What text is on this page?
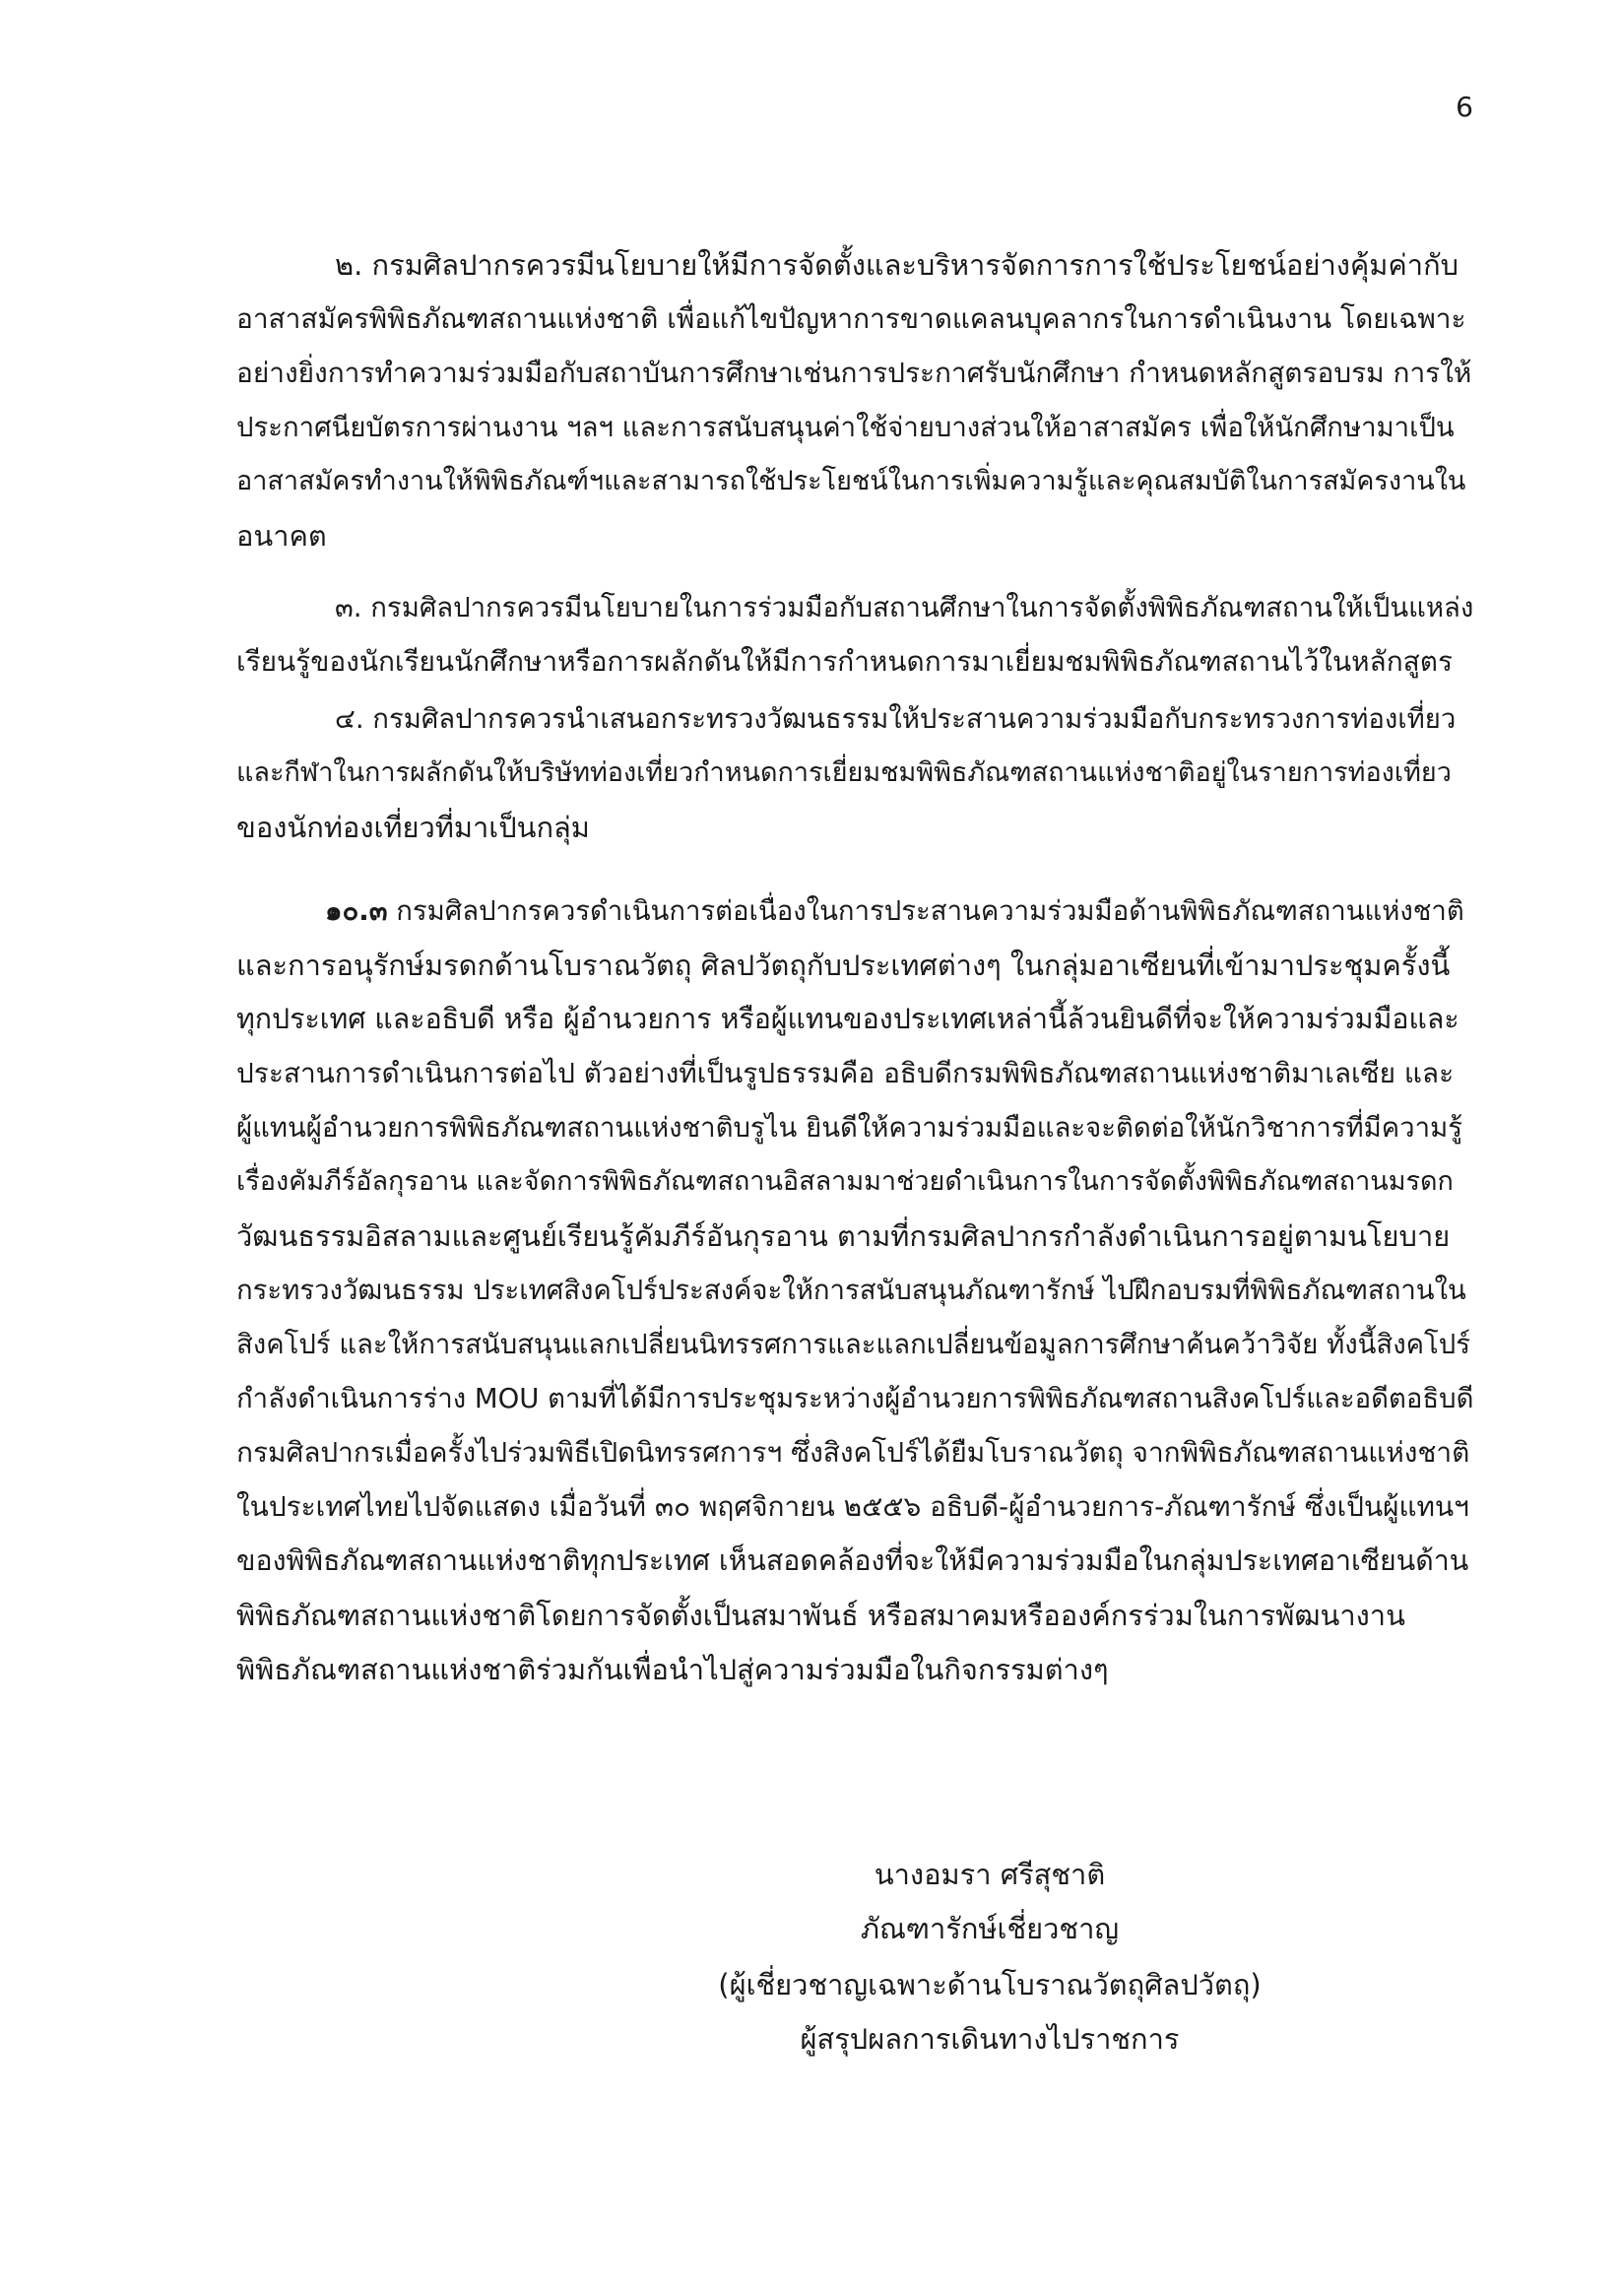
6
๒. กรมศิลปากรควรมีนโยบายให้มีการจัดตั้งและบริหารจัดการการใช้ประโยชน์อย่างคุ้มค่ากับ
อาสาสมัครพิพิธภัณฑสถานแห่งชาติ เพื่อแก้ไขปัญหาการขาดแคลนบุคลากรในการดำเนินงาน โดยเฉพาะ
อย่างยิ่งการทำความร่วมมือกับสถาบันการศึกษาเช่นการประกาศรับนักศึกษา กำหนดหลักสูตรอบรม การให้
ประกาศนียบัตรการผ่านงาน ฯลฯ และการสนับสนุนค่าใช้จ่ายบางส่วนให้อาสาสมัคร เพื่อให้นักศึกษามาเป็น
อาสาสมัครทำงานให้พิพิธภัณฑ์ฯและสามารถใช้ประโยชน์ในการเพิ่มความรู้และคุณสมบัติในการสมัครงานใน
อนาคต
๓. กรมศิลปากรควรมีนโยบายในการร่วมมือกับสถานศึกษาในการจัดตั้งพิพิธภัณฑสถานให้เป็นแหล่ง
เรียนรู้ของนักเรียนนักศึกษาหรือการผลักดันให้มีการกำหนดการมาเยี่ยมชมพิพิธภัณฑสถานไว้ในหลักสูตร
๔. กรมศิลปากรควรนำเสนอกระทรวงวัฒนธรรมให้ประสานความร่วมมือกับกระทรวงการท่องเที่ยว
และกีฬาในการผลักดันให้บริษัทท่องเที่ยวกำหนดการเยี่ยมชมพิพิธภัณฑสถานแห่งชาติอยู่ในรายการท่องเที่ยว
ของนักท่องเที่ยวที่มาเป็นกลุ่ม
๑๐.๓ กรมศิลปากรควรดำเนินการต่อเนื่องในการประสานความร่วมมือด้านพิพิธภัณฑสถานแห่งชาติ
และการอนุรักษ์มรดกด้านโบราณวัตถุ ศิลปวัตถุกับประเทศต่างๆ ในกลุ่มอาเซียนที่เข้ามาประชุมครั้งนี้
ทุกประเทศ และอธิบดี หรือ ผู้อำนวยการ หรือผู้แทนของประเทศเหล่านี้ล้วนยินดีที่จะให้ความร่วมมือและ
ประสานการดำเนินการต่อไป ตัวอย่างที่เป็นรูปธรรมคือ อธิบดีกรมพิพิธภัณฑสถานแห่งชาติมาเลเซีย และ
ผู้แทนผู้อำนวยการพิพิธภัณฑสถานแห่งชาติบรูไน ยินดีให้ความร่วมมือและจะติดต่อให้นักวิชาการที่มีความรู้
เรื่องคัมภีร์อัลกุรอาน และจัดการพิพิธภัณฑสถานอิสลามมาช่วยดำเนินการในการจัดตั้งพิพิธภัณฑสถานมรดก
วัฒนธรรมอิสลามและศูนย์เรียนรู้คัมภีร์อันกุรอาน ตามที่กรมศิลปากรกำลังดำเนินการอยู่ตามนโยบาย
กระทรวงวัฒนธรรม ประเทศสิงคโปร์ประสงค์จะให้การสนับสนุนภัณฑารักษ์ ไปฝึกอบรมที่พิพิธภัณฑสถานใน
สิงคโปร์ และให้การสนับสนุนแลกเปลี่ยนนิทรรศการและแลกเปลี่ยนข้อมูลการศึกษาค้นคว้าวิจัย ทั้งนี้สิงคโปร์
กำลังดำเนินการร่าง MOU ตามที่ได้มีการประชุมระหว่างผู้อำนวยการพิพิธภัณฑสถานสิงคโปร์และอดีตอธิบดี
กรมศิลปากรเมื่อครั้งไปร่วมพิธีเปิดนิทรรศการฯ ซึ่งสิงคโปร์ได้ยืมโบราณวัตถุ จากพิพิธภัณฑสถานแห่งชาติ
ในประเทศไทยไปจัดแสดง เมื่อวันที่ ๓๐ พฤศจิกายน ๒๕๕๖ อธิบดี-ผู้อำนวยการ-ภัณฑารักษ์ ซึ่งเป็นผู้แทนฯ
ของพิพิธภัณฑสถานแห่งชาติทุกประเทศ เห็นสอดคล้องที่จะให้มีความร่วมมือในกลุ่มประเทศอาเซียนด้าน
พิพิธภัณฑสถานแห่งชาติโดยการจัดตั้งเป็นสมาพันธ์ หรือสมาคมหรือองค์กรร่วมในการพัฒนางาน
พิพิธภัณฑสถานแห่งชาติร่วมกันเพื่อนำไปสู่ความร่วมมือในกิจกรรมต่างๆ
นางอมรา ศรีสุชาติ
ภัณฑารักษ์เชี่ยวชาญ
(ผู้เชี่ยวชาญเฉพาะด้านโบราณวัตถุศิลปวัตถุ)
ผู้สรุปผลการเดินทางไปราชการ
